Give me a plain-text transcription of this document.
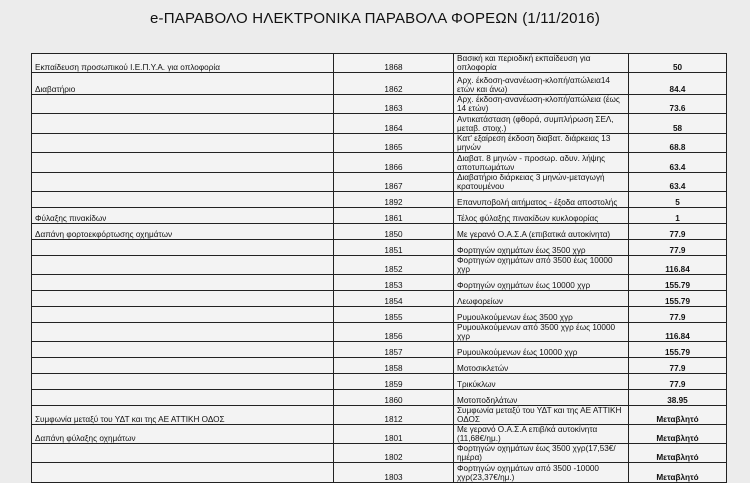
e-ΠΑΡΑΒΟΛΟ ΗΛΕΚΤΡΟΝΙΚΑ ΠΑΡΑΒΟΛΑ ΦΟΡΕΩΝ (1/11/2016)
Εκπαίδευση προσωπικού Ι.Ε.Π.Υ.Α. για οπλοφορία	1868	Βασική και περιοδική εκπαίδευση για οπλοφορία	50
Διαβατήριο	1862	Αρχ. έκδοση-ανανέωση-κλοπή/απώλεια14 ετών και άνω)	84.4
	1863	Αρχ. έκδοση-ανανέωση-κλοπή/απώλεια (έως 14 ετών)	73.6
	1864	Αντικατάσταση (φθορά, συμπλήρωση ΣΕΛ, μεταβ. στοιχ.)	58
	1865	Κατ' εξαίρεση έκδοση διαβατ. διάρκειας 13 μηνών	68.8
	1866	Διαβατ. 8 μηνών - προσωρ. αδυν. λήψης αποτυπωμάτων	63.4
	1867	Διαβατήριο διάρκειας 3 μηνών-μεταγωγή κρατουμένου	63.4
	1892	Επανυποβολή αιτήματος - έξοδα αποστολής	5
Φύλαξης πινακίδων	1861	Τέλος φύλαξης πινακίδων κυκλοφορίας	1
Δαπάνη φορτοεκφόρτωσης οχημάτων	1850	Με γερανό Ο.Α.Σ.Α (επιβατικά αυτοκίνητα)	77.9
	1851	Φορτηγών οχημάτων έως 3500 χγρ	77.9
	1852	Φορτηγών οχημάτων από 3500 έως 10000 χγρ	116.84
	1853	Φορτηγών οχημάτων έως 10000 χγρ	155.79
	1854	Λεωφορείων	155.79
	1855	Ρυμουλκούμενων έως 3500 χγρ	77.9
	1856	Ρυμουλκούμενων από 3500 χγρ έως 10000 χγρ	116.84
	1857	Ρυμουλκούμενων έως 10000 χγρ	155.79
	1858	Μοτοσικλετών	77.9
	1859	Τρικύκλων	77.9
	1860	Μοτοποδηλάτων	38.95
Συμφωνία μεταξύ του ΥΔΤ και της ΑΕ ΑΤΤΙΚΗ ΟΔΟΣ	1812	Συμφωνία μεταξύ του ΥΔΤ και της ΑΕ ΑΤΤΙΚΗ ΟΔΟΣ	Μεταβλητό
Δαπάνη φύλαξης οχημάτων	1801	Με γερανό Ο.Α.Σ.Α επιβ/κά αυτοκίνητα (11,68€/ημ.)	Μεταβλητό
	1802	Φορτηγών οχημάτων έως 3500 χγρ(17,53€/ημέρα)	Μεταβλητό
	1803	Φορτηγών οχημάτων από 3500 -10000 χγρ(23,37€/ημ.)	Μεταβλητό
